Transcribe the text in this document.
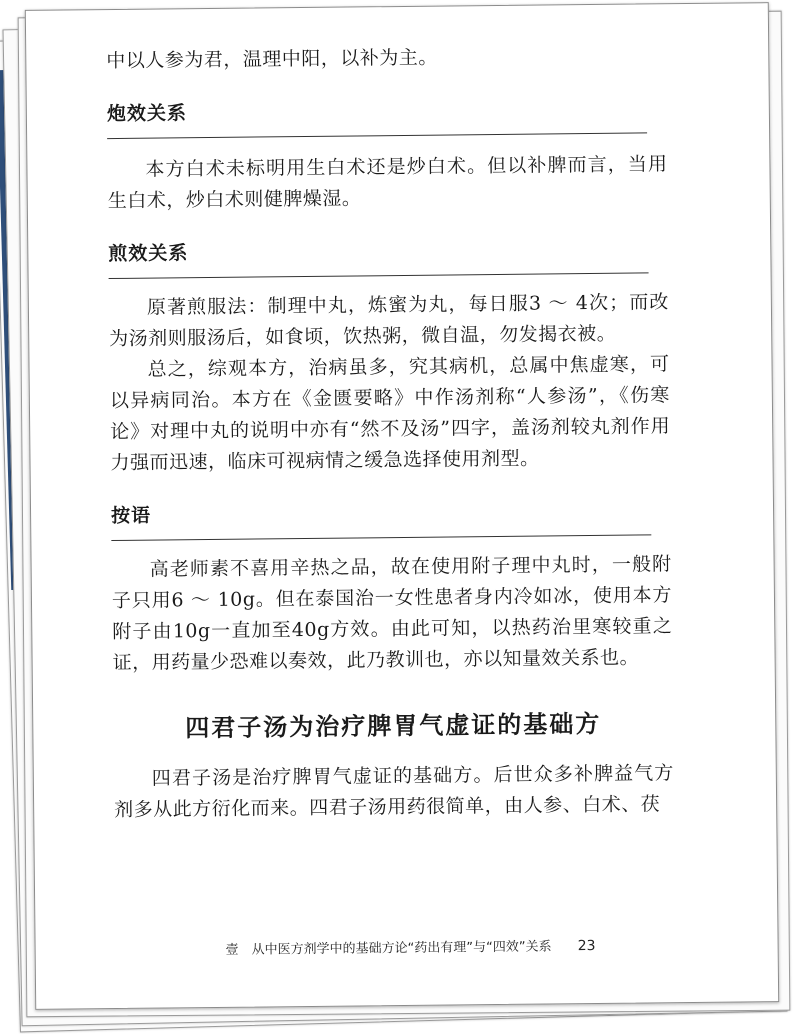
中以人参为君，温理中阳，以补为主。

炮效关系

本方白术未标明用生白术还是炒白术。但以补脾而言，当用生白术，炒白术则健脾燥湿。

煎效关系

原著煎服法：制理中丸，炼蜜为丸，每日服3 ～ 4次；而改为汤剂则服汤后，如食顷，饮热粥，微自温，勿发揭衣被。

总之，综观本方，治病虽多，究其病机，总属中焦虚寒，可以异病同治。本方在《金匮要略》中作汤剂称“人参汤”，《伤寒论》对理中丸的说明中亦有“然不及汤”四字，盖汤剂较丸剂作用力强而迅速，临床可视病情之缓急选择使用剂型。

按语

高老师素不喜用辛热之品，故在使用附子理中丸时，一般附子只用6 ～ 10g。但在泰国治一女性患者身内冷如冰，使用本方附子由10g一直加至40g方效。由此可知，以热药治里寒较重之证，用药量少恐难以奏效，此乃教训也，亦以知量效关系也。

四君子汤为治疗脾胃气虚证的基础方

四君子汤是治疗脾胃气虚证的基础方。后世众多补脾益气方剂多从此方衍化而来。四君子汤用药很简单，由人参、白术、茯

壹　从中医方剂学中的基础方论“药出有理”与“四效”关系 23
